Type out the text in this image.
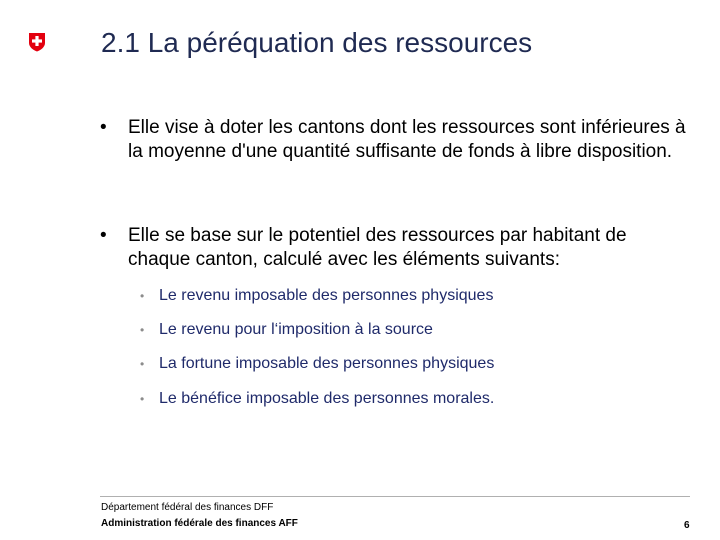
2.1 La péréquation des ressources
• Elle vise à doter les cantons dont les ressources sont inférieures à la moyenne d'une quantité suffisante de fonds à libre disposition.
• Elle se base sur le potentiel des ressources par habitant de chaque canton, calculé avec les éléments suivants:
• Le revenu imposable des personnes physiques
• Le revenu pour l‘imposition à la source
• La fortune imposable des personnes physiques
• Le bénéfice imposable des personnes morales.
Département fédéral des finances DFF
Administration fédérale des finances AFF	6
